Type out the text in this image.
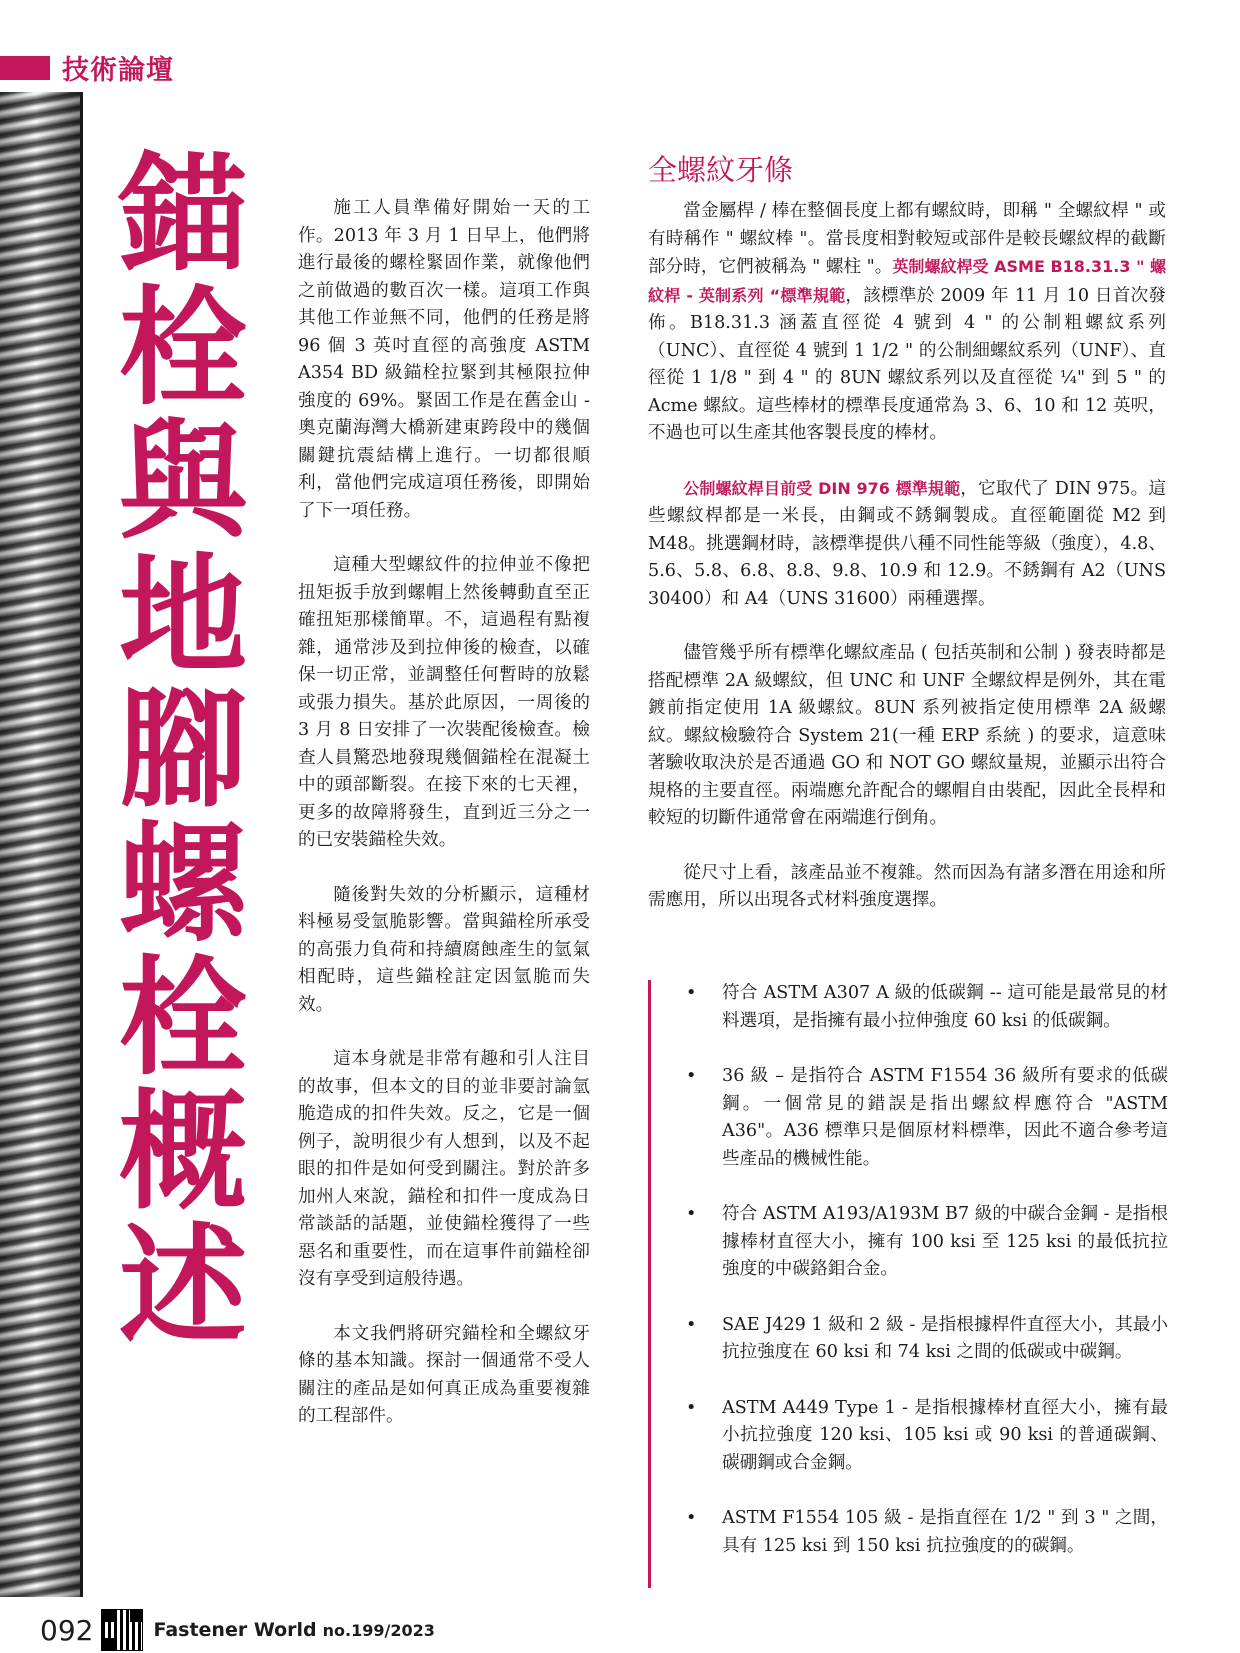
技術論壇
錨
栓
與
地
腳
螺
栓
概
述

施工人員準備好開始一天的工作。2013 年 3 月 1 日早上，他們將進行最後的螺栓緊固作業，就像他們之前做過的數百次一樣。這項工作與其他工作並無不同，他們的任務是將 96 個 3 英吋直徑的高強度 ASTM A354 BD 級錨栓拉緊到其極限拉伸強度的 69%。緊固工作是在舊金山 - 奧克蘭海灣大橋新建東跨段中的幾個關鍵抗震結構上進行。一切都很順利，當他們完成這項任務後，即開始了下一項任務。

這種大型螺紋件的拉伸並不像把扭矩扳手放到螺帽上然後轉動直至正確扭矩那樣簡單。不，這過程有點複雜，通常涉及到拉伸後的檢查，以確保一切正常，並調整任何暫時的放鬆或張力損失。基於此原因，一周後的 3 月 8 日安排了一次裝配後檢查。檢查人員驚恐地發現幾個錨栓在混凝土中的頭部斷裂。在接下來的七天裡，更多的故障將發生，直到近三分之一的已安裝錨栓失效。

隨後對失效的分析顯示，這種材料極易受氫脆影響。當與錨栓所承受的高張力負荷和持續腐蝕產生的氫氣相配時，這些錨栓註定因氫脆而失效。

這本身就是非常有趣和引人注目的故事，但本文的目的並非要討論氫脆造成的扣件失效。反之，它是一個例子，說明很少有人想到，以及不起眼的扣件是如何受到關注。對於許多加州人來說，錨栓和扣件一度成為日常談話的話題，並使錨栓獲得了一些惡名和重要性，而在這事件前錨栓卻沒有享受到這般待遇。

本文我們將研究錨栓和全螺紋牙條的基本知識。探討一個通常不受人關注的產品是如何真正成為重要複雜的工程部件。

全螺紋牙條

當金屬桿 / 棒在整個長度上都有螺紋時，即稱 " 全螺紋桿 " 或有時稱作 " 螺紋棒 "。當長度相對較短或部件是較長螺紋桿的截斷部分時，它們被稱為 " 螺柱 "。英制螺紋桿受 ASME B18.31.3 " 螺紋桿 - 英制系列 “標準規範，該標準於 2009 年 11 月 10 日首次發佈。B18.31.3 涵蓋直徑從 4 號到 4 " 的公制粗螺紋系列（UNC）、直徑從 4 號到 1 1/2 " 的公制細螺紋系列（UNF）、直徑從 1 1/8 " 到 4 " 的 8UN 螺紋系列以及直徑從 ¼" 到 5 " 的 Acme 螺紋。這些棒材的標準長度通常為 3、6、10 和 12 英呎，不過也可以生產其他客製長度的棒材。

公制螺紋桿目前受 DIN 976 標準規範，它取代了 DIN 975。這些螺紋桿都是一米長，由鋼或不銹鋼製成。直徑範圍從 M2 到 M48。挑選鋼材時，該標準提供八種不同性能等級（強度），4.8、5.6、5.8、6.8、8.8、9.8、10.9 和 12.9。不銹鋼有 A2（UNS 30400）和 A4（UNS 31600）兩種選擇。

儘管幾乎所有標準化螺紋產品 ( 包括英制和公制 ) 發表時都是搭配標準 2A 級螺紋，但 UNC 和 UNF 全螺紋桿是例外，其在電鍍前指定使用 1A 級螺紋。8UN 系列被指定使用標準 2A 級螺紋。螺紋檢驗符合 System 21(一種 ERP 系統 ) 的要求，這意味著驗收取決於是否通過 GO 和 NOT GO 螺紋量規，並顯示出符合規格的主要直徑。兩端應允許配合的螺帽自由裝配，因此全長桿和較短的切斷件通常會在兩端進行倒角。

從尺寸上看，該產品並不複雜。然而因為有諸多潛在用途和所需應用，所以出現各式材料強度選擇。

• 符合 ASTM A307 A 級的低碳鋼 -- 這可能是最常見的材料選項，是指擁有最小拉伸強度 60 ksi 的低碳鋼。
• 36 級 – 是指符合 ASTM F1554 36 級所有要求的低碳鋼。一個常見的錯誤是指出螺紋桿應符合 "ASTM A36"。A36 標準只是個原材料標準，因此不適合參考這些產品的機械性能。
• 符合 ASTM A193/A193M B7 級的中碳合金鋼 - 是指根據棒材直徑大小，擁有 100 ksi 至 125 ksi 的最低抗拉強度的中碳鉻鉬合金。
• SAE J429 1 級和 2 級 - 是指根據桿件直徑大小，其最小抗拉強度在 60 ksi 和 74 ksi 之間的低碳或中碳鋼。
• ASTM A449 Type 1 - 是指根據棒材直徑大小，擁有最小抗拉強度 120 ksi、105 ksi 或 90 ksi 的普通碳鋼、碳硼鋼或合金鋼。
• ASTM F1554 105 級 - 是指直徑在 1/2 " 到 3 " 之間，具有 125 ksi 到 150 ksi 抗拉強度的的碳鋼。
092	Fastener World no.199/2023
